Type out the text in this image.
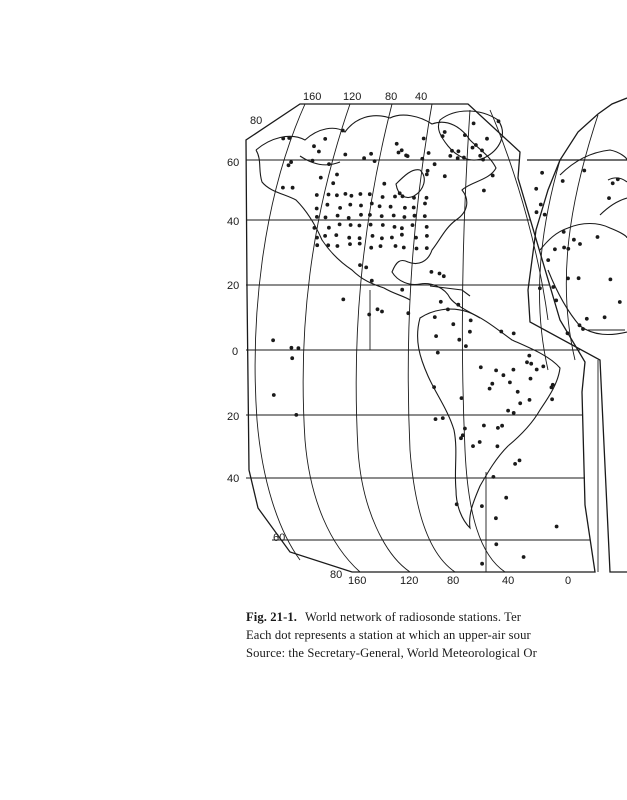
160 120 80 40
160	120	80	40	0
80
60
40
20
0
20
40
60
80
Fig. 21-1. World network of radiosonde stations. Ter
Each dot represents a station at which an upper-air sour
Source: the Secretary-General, World Meteorological Or
